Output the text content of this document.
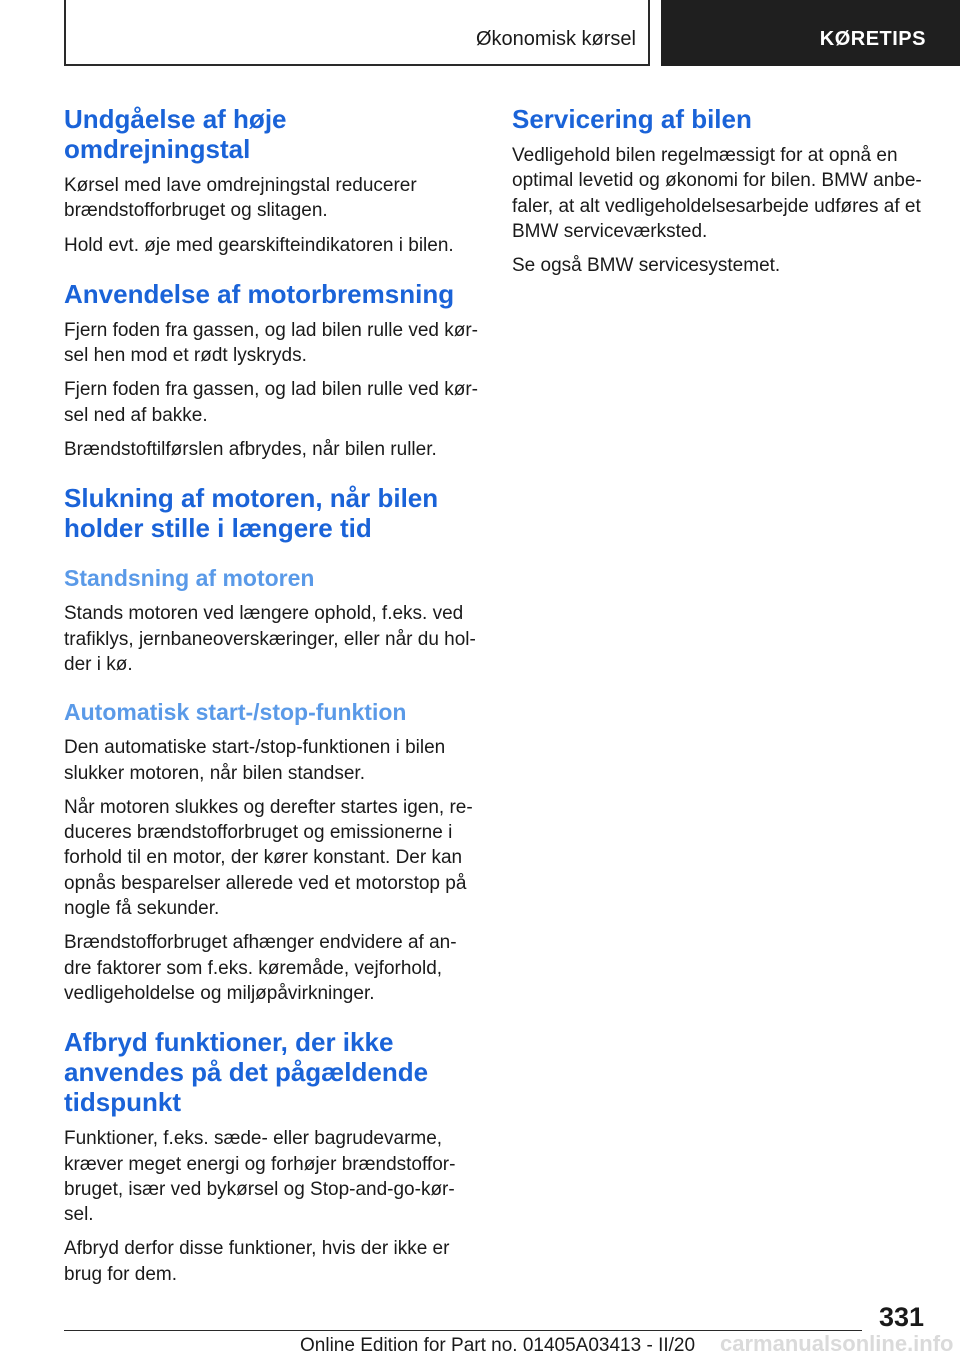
Økonomisk kørsel	KØRETIPS
Undgåelse af høje
omdrejningstal

Kørsel med lave omdrejningstal reducerer
brændstofforbruget og slitagen.

Hold evt. øje med gearskifteindikatoren i bilen.

Anvendelse af motorbremsning

Fjern foden fra gassen, og lad bilen rulle ved kør-
sel hen mod et rødt lyskryds.

Fjern foden fra gassen, og lad bilen rulle ved kør-
sel ned af bakke.

Brændstoftilførslen afbrydes, når bilen ruller.

Slukning af motoren, når bilen
holder stille i længere tid
Standsning af motoren

Stands motoren ved længere ophold, f.eks. ved
trafiklys, jernbaneoverskæringer, eller når du hol-
der i kø.

Automatisk start-/stop-funktion

Den automatiske start-/stop-funktionen i bilen
slukker motoren, når bilen standser.

Når motoren slukkes og derefter startes igen, re-
duceres brændstofforbruget og emissionerne i
forhold til en motor, der kører konstant. Der kan
opnås besparelser allerede ved et motorstop på
nogle få sekunder.

Brændstofforbruget afhænger endvidere af an-
dre faktorer som f.eks. køremåde, vejforhold,
vedligeholdelse og miljøpåvirkninger.

Afbryd funktioner, der ikke
anvendes på det pågældende
tidspunkt

Funktioner, f.eks. sæde- eller bagrudevarme,
kræver meget energi og forhøjer brændstoffor-
bruget, især ved bykørsel og Stop-and-go-kør-
sel.

Afbryd derfor disse funktioner, hvis der ikke er
brug for dem.

Servicering af bilen

Vedligehold bilen regelmæssigt for at opnå en
optimal levetid og økonomi for bilen. BMW anbe-
faler, at alt vedligeholdelsesarbejde udføres af et
BMW serviceværksted.

Se også BMW servicesystemet.

331
Online Edition for Part no. 01405A03413 - II/20 carmanualsonline.info
